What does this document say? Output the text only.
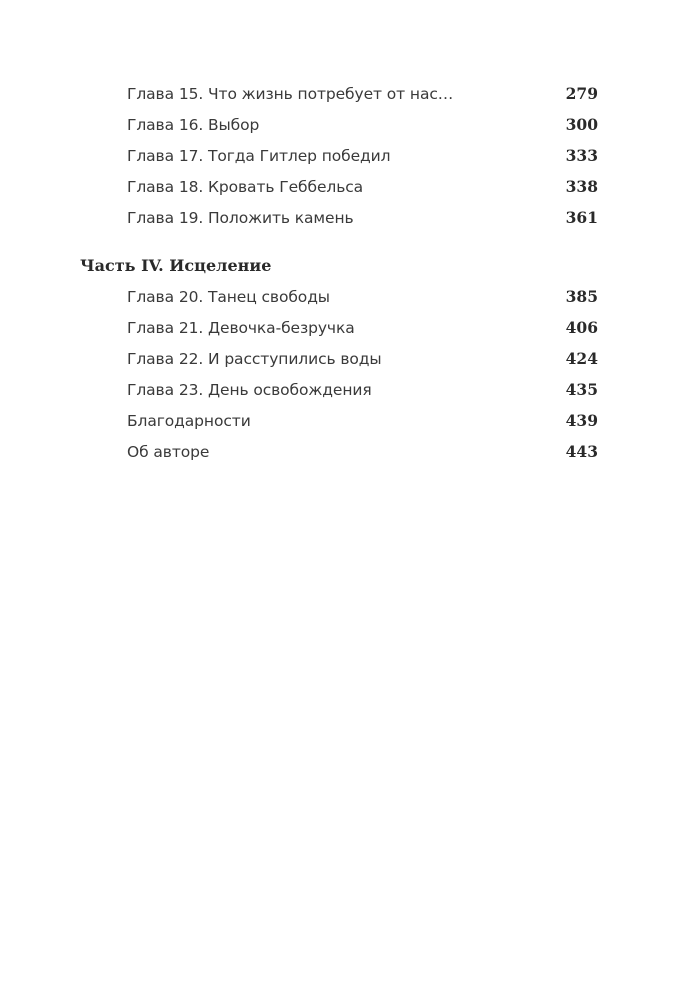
Глава 15. Что жизнь потребует от нас…	279
Глава 16. Выбор	300
Глава 17. Тогда Гитлер победил	333
Глава 18. Кровать Геббельса	338
Глава 19. Положить камень	361
Часть IV. Исцеление
Глава 20. Танец свободы	385
Глава 21. Девочка-безручка	406
Глава 22. И расступились воды	424
Глава 23. День освобождения	435
Благодарности	439
Об авторе	443
